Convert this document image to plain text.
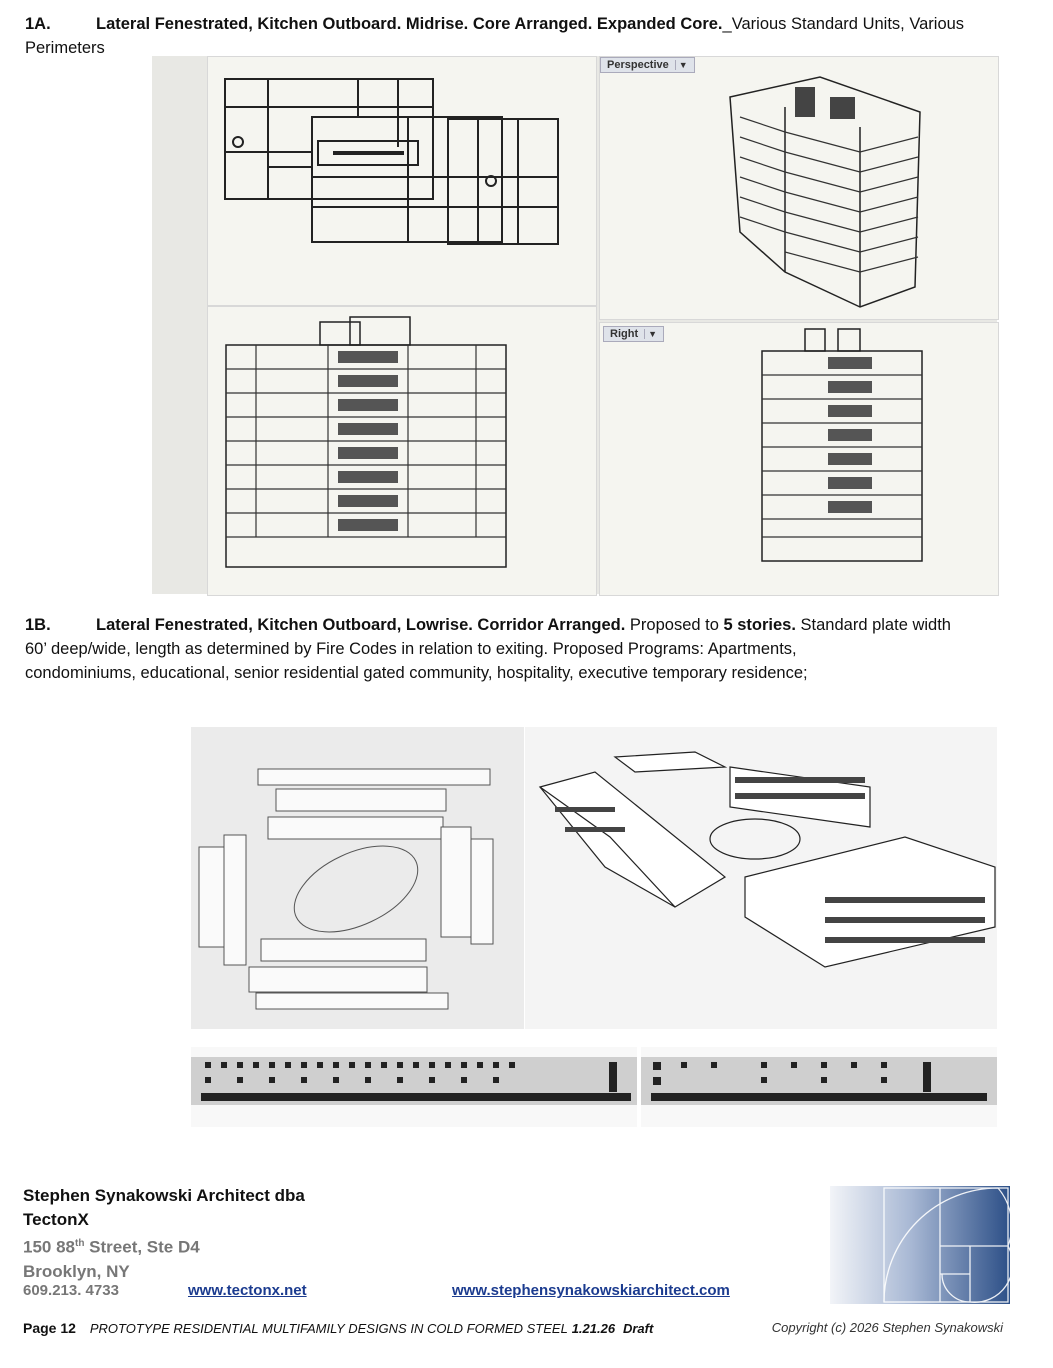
1A.	Lateral Fenestrated, Kitchen Outboard. Midrise. Core Arranged. Expanded Core._Various Standard Units, Various
Perimeters
Perspective ▼
Right ▼
1B.	Lateral Fenestrated, Kitchen Outboard, Lowrise. Corridor Arranged. Proposed to 5 stories. Standard plate width
60’ deep/wide, length as determined by Fire Codes in relation to exiting. Proposed Programs: Apartments,
condominiums, educational, senior residential gated community, hospitality, executive temporary residence;
Stephen Synakowski Architect dba
TectonX
150 88th Street, Ste D4
Brooklyn, NY
609.213. 4733	www.tectonx.net	www.stephensynakowskiarchitect.com
Page 12 PROTOTYPE RESIDENTIAL MULTIFAMILY DESIGNS IN COLD FORMED STEEL 1.21.26 Draft	Copyright (c) 2026 Stephen Synakowski
